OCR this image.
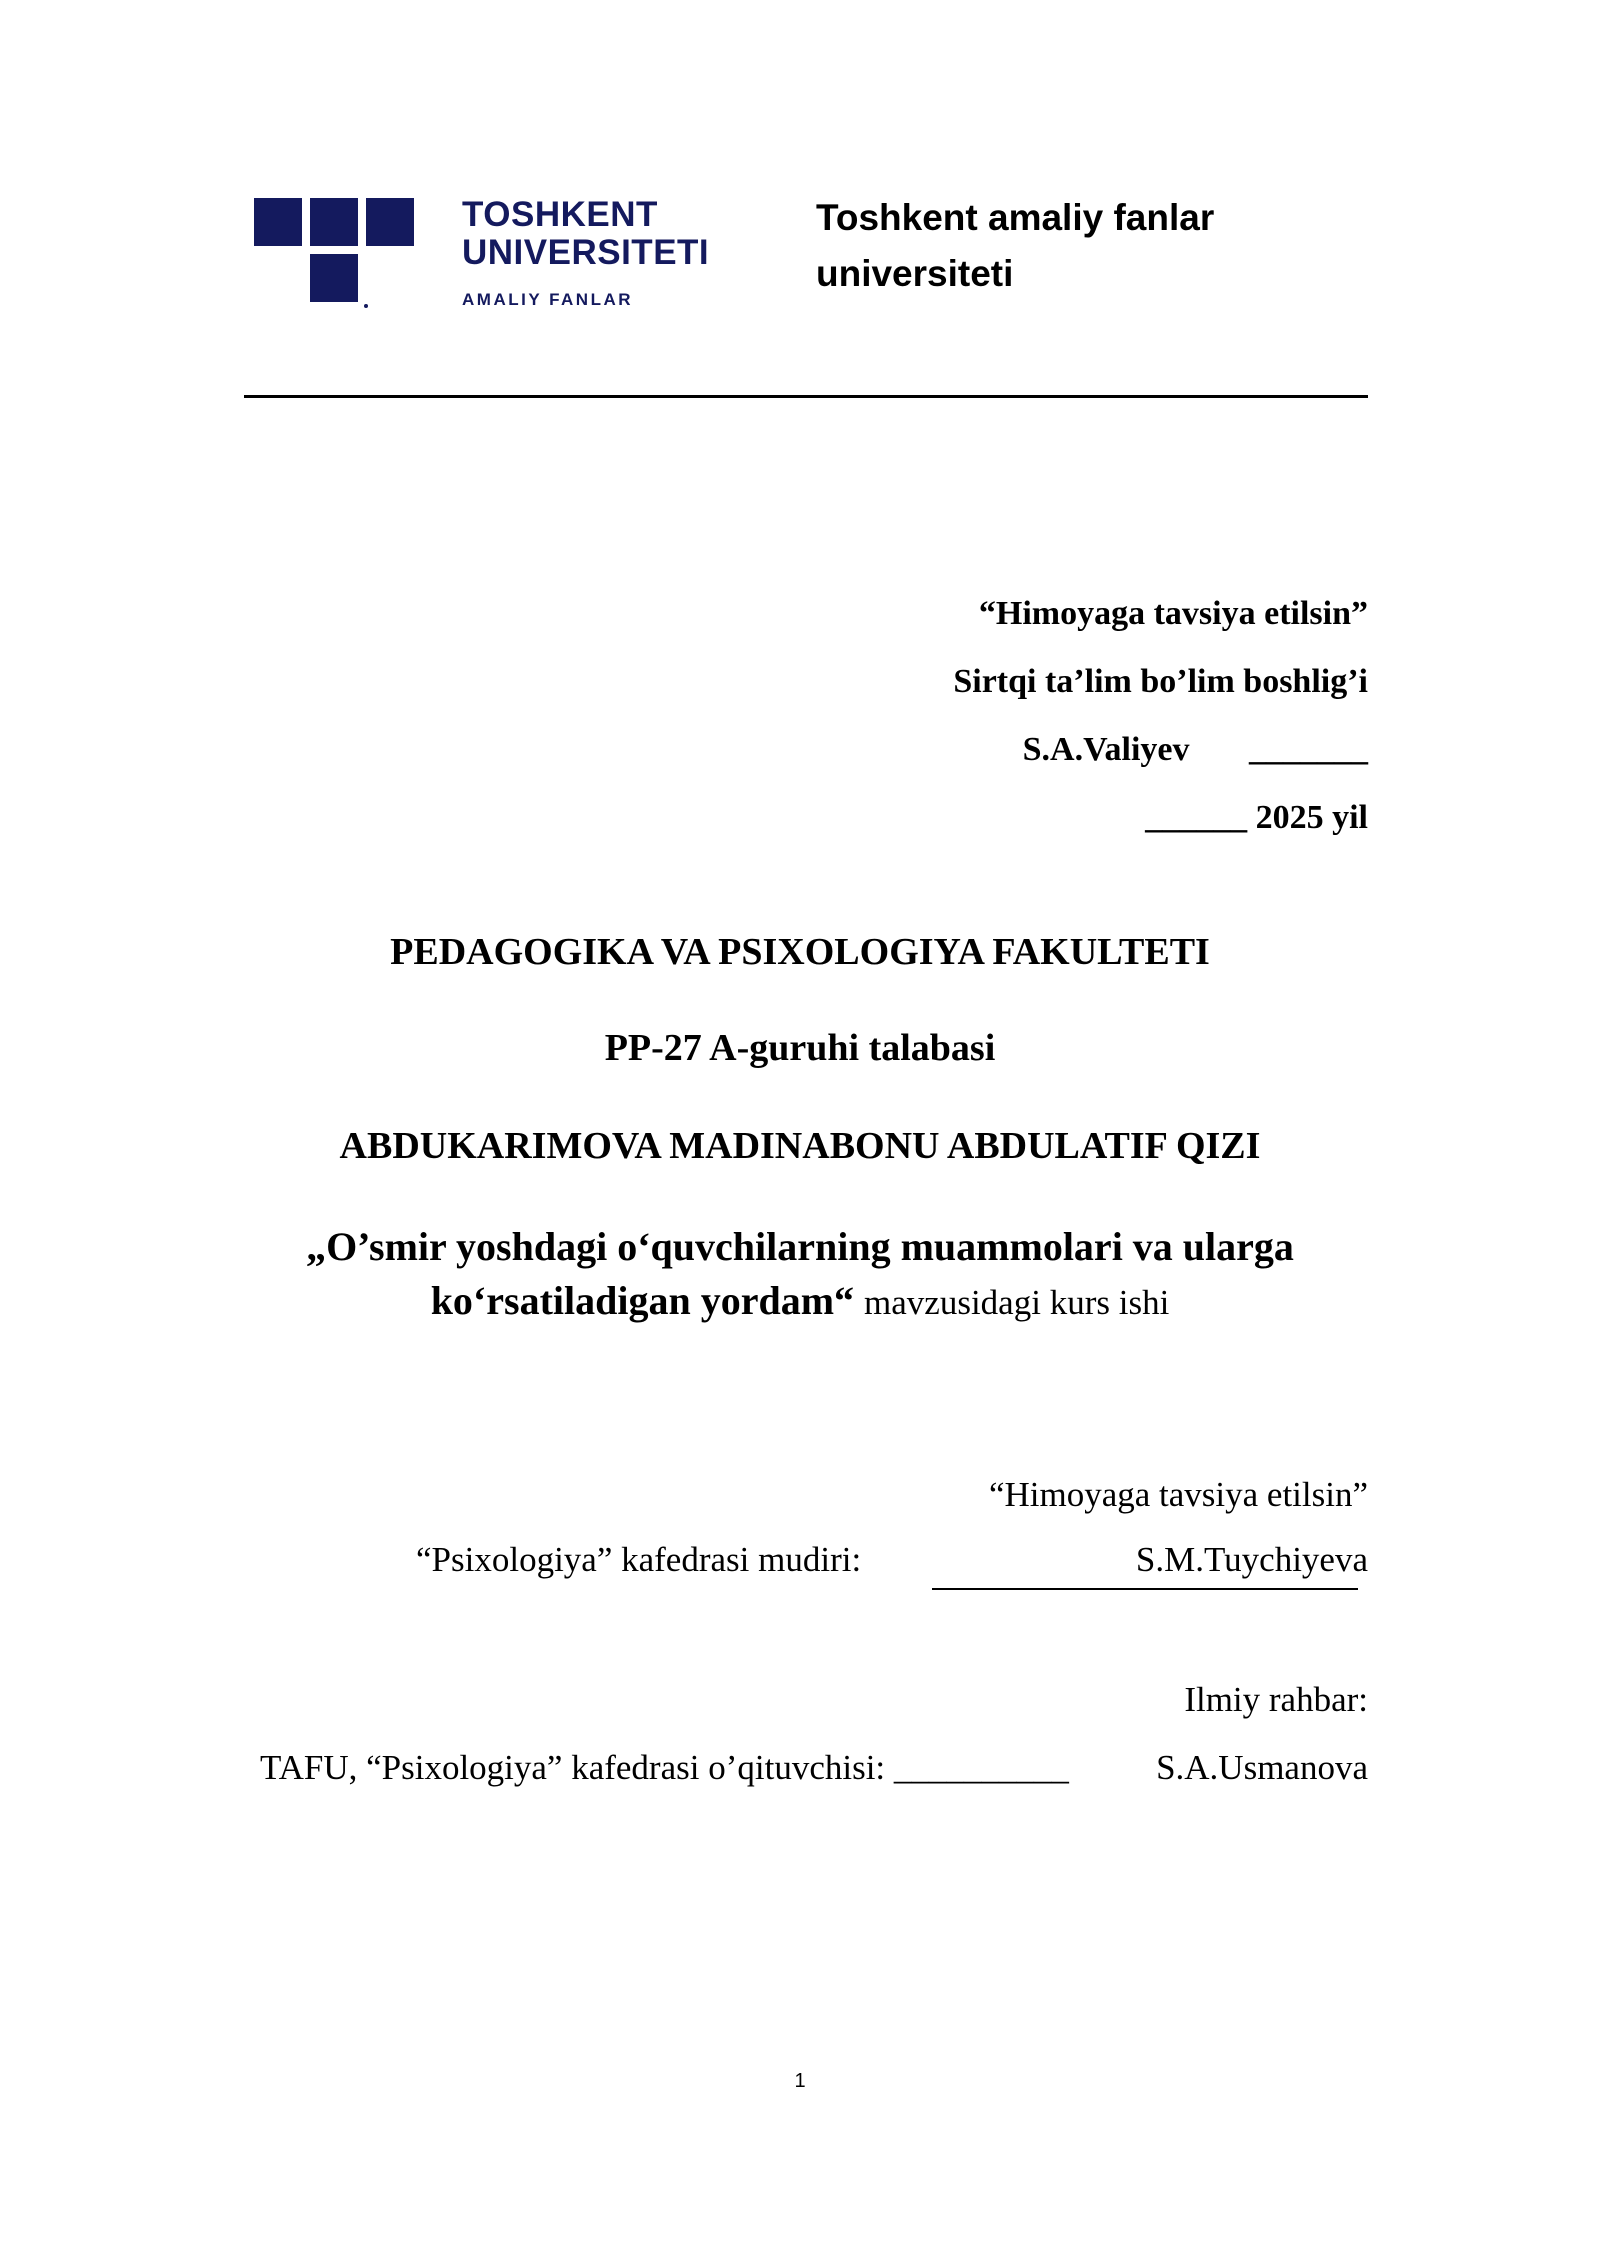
TOSHKENT
UNIVERSITETI
AMALIY FANLAR
Toshkent amaliy fanlar universiteti
“Himoyaga tavsiya etilsin”
Sirtqi ta’lim bo’lim boshlig’i
S.A.Valiyev       _______
______ 2025 yil
PEDAGOGIKA VA PSIXOLOGIYA FAKULTETI
PP-27 A-guruhi talabasi
ABDUKARIMOVA MADINABONU ABDULATIF QIZI
„O’smir yoshdagi o‘quvchilarning muammolari va ularga ko‘rsatiladigan yordam“ mavzusidagi kurs ishi
“Himoyaga tavsiya etilsin”
“Psixologiya” kafedrasi mudiri:	S.M.Tuychiyeva
Ilmiy rahbar:
TAFU, “Psixologiya” kafedrasi o’qituvchisi: __________ S.A.Usmanova
1
